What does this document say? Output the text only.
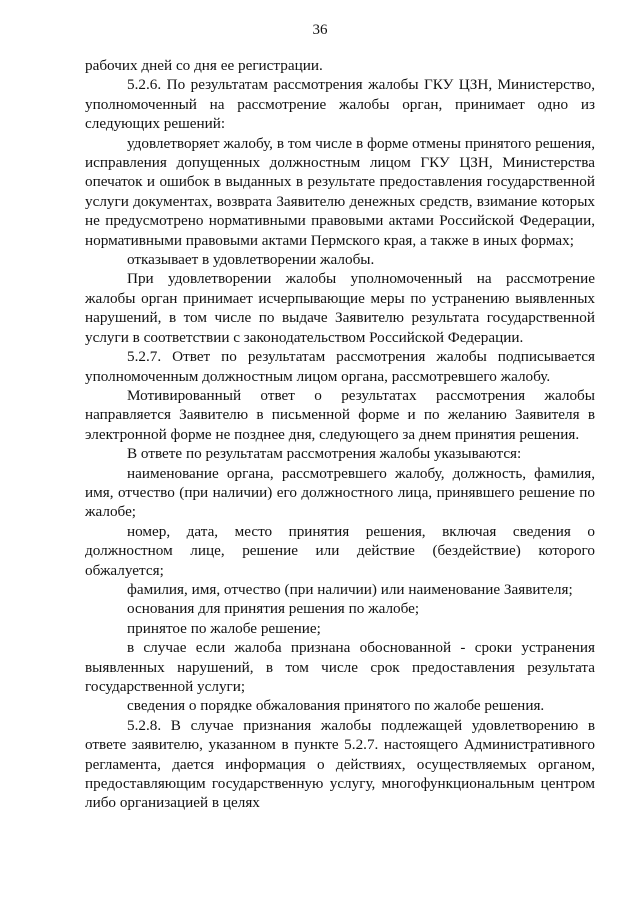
36

рабочих дней со дня ее регистрации.

5.2.6. По результатам рассмотрения жалобы ГКУ ЦЗН, Министерство, уполномоченный на рассмотрение жалобы орган, принимает одно из следующих решений:

удовлетворяет жалобу, в том числе в форме отмены принятого решения, исправления допущенных должностным лицом ГКУ ЦЗН, Министерства опечаток и ошибок в выданных в результате предоставления государственной услуги документах, возврата Заявителю денежных средств, взимание которых не предусмотрено нормативными правовыми актами Российской Федерации, нормативными правовыми актами Пермского края, а также в иных формах;

отказывает в удовлетворении жалобы.

При удовлетворении жалобы уполномоченный на рассмотрение жалобы орган принимает исчерпывающие меры по устранению выявленных нарушений, в том числе по выдаче Заявителю результата государственной услуги в соответствии с законодательством Российской Федерации.

5.2.7. Ответ по результатам рассмотрения жалобы подписывается уполномоченным должностным лицом органа, рассмотревшего жалобу.

Мотивированный ответ о результатах рассмотрения жалобы направляется Заявителю в письменной форме и по желанию Заявителя в электронной форме не позднее дня, следующего за днем принятия решения.

В ответе по результатам рассмотрения жалобы указываются:

наименование органа, рассмотревшего жалобу, должность, фамилия, имя, отчество (при наличии) его должностного лица, принявшего решение по жалобе;

номер, дата, место принятия решения, включая сведения о должностном лице, решение или действие (бездействие) которого обжалуется;

фамилия, имя, отчество (при наличии) или наименование Заявителя;

основания для принятия решения по жалобе;

принятое по жалобе решение;

в случае если жалоба признана обоснованной - сроки устранения выявленных нарушений, в том числе срок предоставления результата государственной услуги;

сведения о порядке обжалования принятого по жалобе решения.

5.2.8. В случае признания жалобы подлежащей удовлетворению в ответе заявителю, указанном в пункте 5.2.7. настоящего Административного регламента, дается информация о действиях, осуществляемых органом, предоставляющим государственную услугу, многофункциональным центром либо организацией в целях
